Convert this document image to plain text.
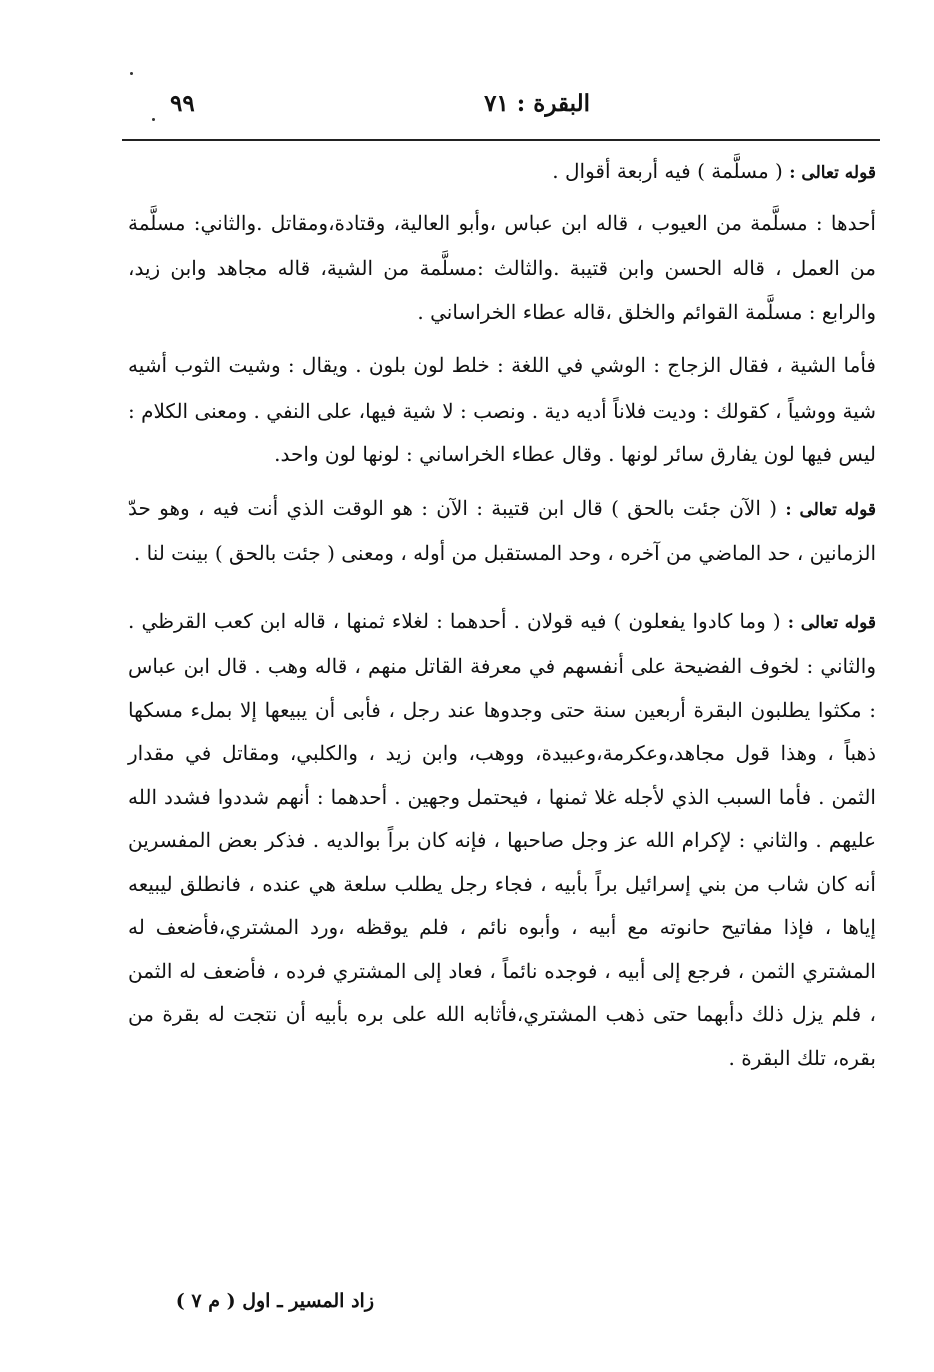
البقرة : ٧١
٩٩

قوله تعالى : ( مسلَّمة ) فيه أربعة أقوال .

أحدها : مسلَّمة من العيوب ، قاله ابن عباس ،وأبو العالية، وقتادة،ومقاتل .والثاني: مسلَّمة من العمل ، قاله الحسن وابن قتيبة .والثالث :مسلَّمة من الشية، قاله مجاهد وابن زيد، والرابع : مسلَّمة القوائم والخلق ،قاله عطاء الخراساني .

فأما الشية ، فقال الزجاج : الوشي في اللغة : خلط لون بلون . ويقال : وشيت الثوب أشيه شية ووشياً ، كقولك : وديت فلاناً أديه دية . ونصب : لا شية فيها، على النفي . ومعنى الكلام : ليس فيها لون يفارق سائر لونها . وقال عطاء الخراساني : لونها لون واحد.

قوله تعالى : ( الآن جئت بالحق ) قال ابن قتيبة : الآن : هو الوقت الذي أنت فيه ، وهو حدّ الزمانين ، حد الماضي من آخره ، وحد المستقبل من أوله ، ومعنى ( جئت بالحق ) بينت لنا .

قوله تعالى : ( وما كادوا يفعلون ) فيه قولان . أحدهما : لغلاء ثمنها ، قاله ابن كعب القرظي . والثاني : لخوف الفضيحة على أنفسهم في معرفة القاتل منهم ، قاله وهب . قال ابن عباس : مكثوا يطلبون البقرة أربعين سنة حتى وجدوها عند رجل ، فأبى أن يبيعها إلا بملء مسكها ذهباً ، وهذا قول مجاهد،وعكرمة،وعبيدة، ووهب، وابن زيد ، والكلبي، ومقاتل في مقدار الثمن . فأما السبب الذي لأجله غلا ثمنها ، فيحتمل وجهين . أحدهما : أنهم شددوا فشدد الله عليهم . والثاني : لإكرام الله عز وجل صاحبها ، فإنه كان براً بوالديه . فذكر بعض المفسرين أنه كان شاب من بني إسرائيل براً بأبيه ، فجاء رجل يطلب سلعة هي عنده ، فانطلق ليبيعه إياها ، فإذا مفاتيح حانوته مع أبيه ، وأبوه نائم ، فلم يوقظه ،ورد المشتري،فأضعف له المشتري الثمن ، فرجع إلى أبيه ، فوجده نائماً ، فعاد إلى المشتري فرده ، فأضعف له الثمن ، فلم يزل ذلك دأبهما حتى ذهب المشتري،فأثابه الله على بره بأبيه أن نتجت له بقرة من بقره، تلك البقرة .

زاد المسير ـ اول ( م ٧ )
